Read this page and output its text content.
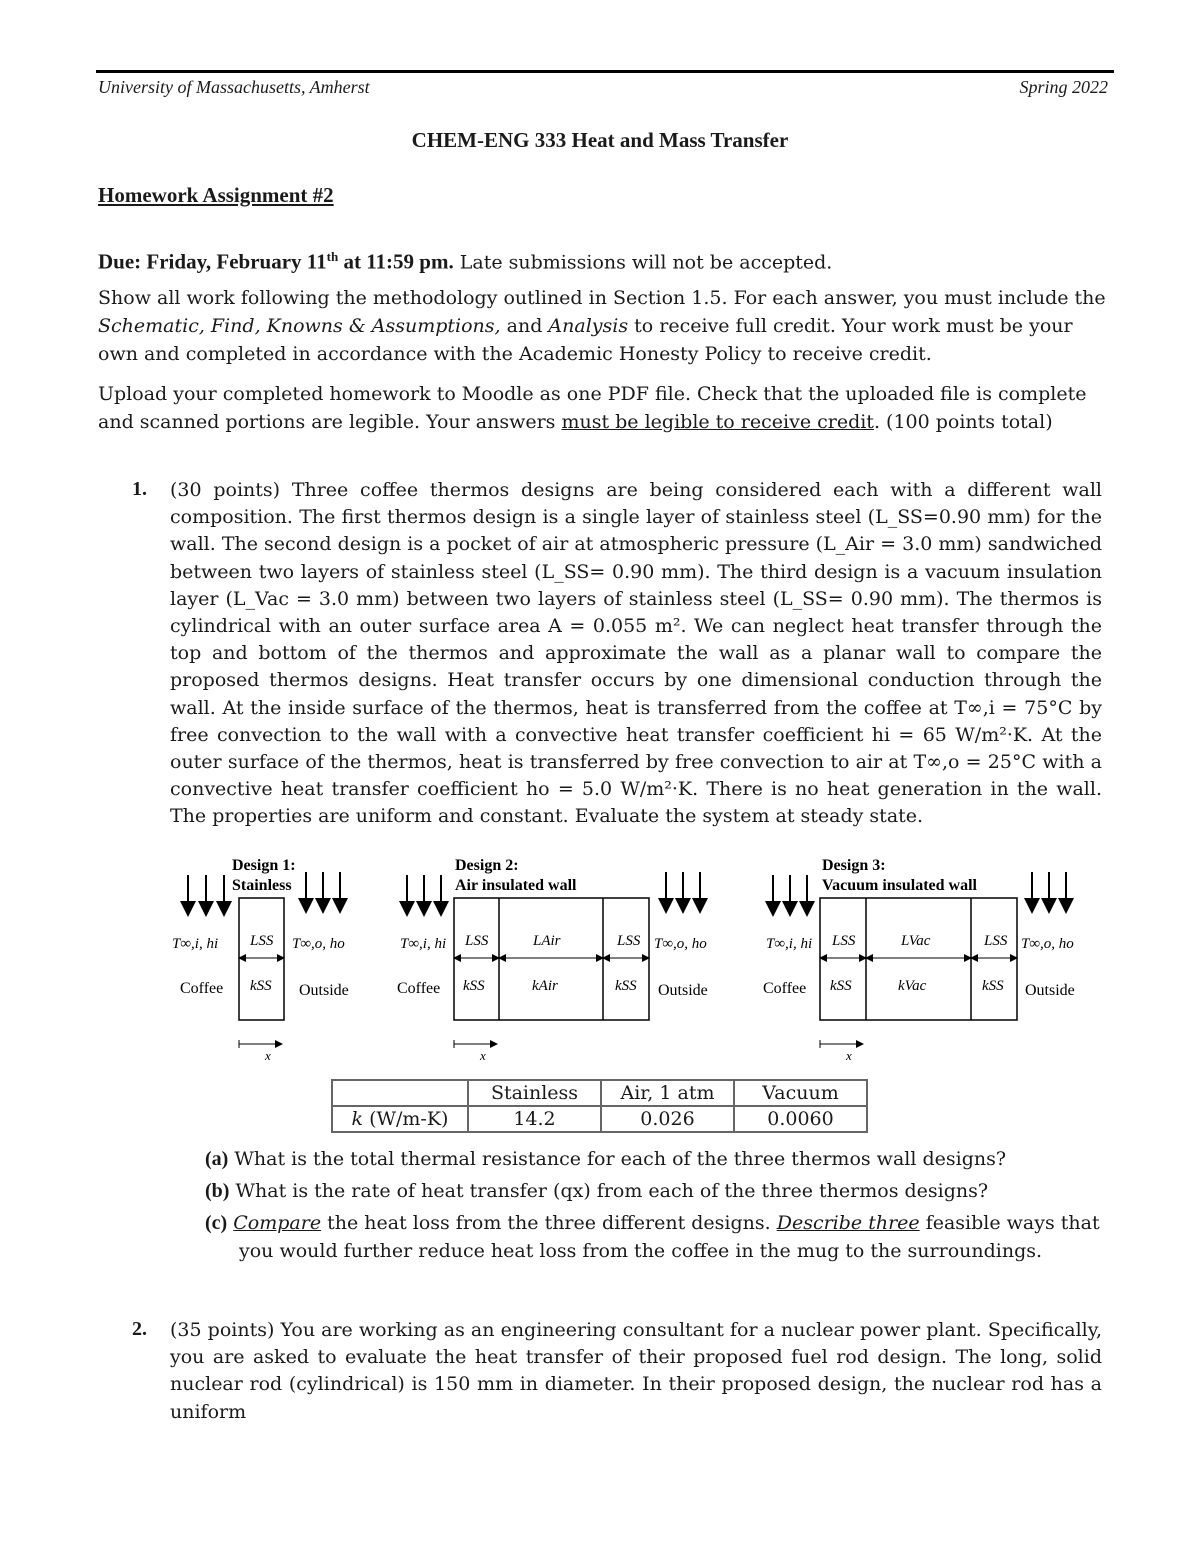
University of Massachusetts, Amherst	Spring 2022
CHEM-ENG 333 Heat and Mass Transfer
Homework Assignment #2
Due: Friday, February 11th at 11:59 pm. Late submissions will not be accepted.
Show all work following the methodology outlined in Section 1.5. For each answer, you must include the Schematic, Find, Knowns & Assumptions, and Analysis to receive full credit. Your work must be your own and completed in accordance with the Academic Honesty Policy to receive credit.
Upload your completed homework to Moodle as one PDF file. Check that the uploaded file is complete and scanned portions are legible. Your answers must be legible to receive credit. (100 points total)
1. (30 points) Three coffee thermos designs are being considered each with a different wall composition. The first thermos design is a single layer of stainless steel (L_SS=0.90 mm) for the wall. The second design is a pocket of air at atmospheric pressure (L_Air = 3.0 mm) sandwiched between two layers of stainless steel (L_SS= 0.90 mm). The third design is a vacuum insulation layer (L_Vac = 3.0 mm) between two layers of stainless steel (L_SS= 0.90 mm). The thermos is cylindrical with an outer surface area A = 0.055 m². We can neglect heat transfer through the top and bottom of the thermos and approximate the wall as a planar wall to compare the proposed thermos designs. Heat transfer occurs by one dimensional conduction through the wall. At the inside surface of the thermos, heat is transferred from the coffee at T∞,i = 75°C by free convection to the wall with a convective heat transfer coefficient hi = 65 W/m²·K. At the outer surface of the thermos, heat is transferred by free convection to air at T∞,o = 25°C with a convective heat transfer coefficient ho = 5.0 W/m²·K. There is no heat generation in the wall. The properties are uniform and constant. Evaluate the system at steady state.
Design 1:
Stainless
T∞,i, hi	T∞,o, ho
LSS
kSS
Coffee	Outside
x
Design 2:
Air insulated wall
T∞,i, hi	T∞,o, ho
LSS	LAir	LSS
kSS	kAir	kSS
Coffee	Outside
x
Design 3:
Vacuum insulated wall
T∞,i, hi	T∞,o, ho
LSS	LVac	LSS
kSS	kVac	kSS
Coffee	Outside
x
	Stainless	Air, 1 atm	Vacuum
k (W/m-K)	14.2	0.026	0.0060
(a) What is the total thermal resistance for each of the three thermos wall designs?
(b) What is the rate of heat transfer (qx) from each of the three thermos designs?
(c) Compare the heat loss from the three different designs. Describe three feasible ways that you would further reduce heat loss from the coffee in the mug to the surroundings.
2. (35 points) You are working as an engineering consultant for a nuclear power plant. Specifically, you are asked to evaluate the heat transfer of their proposed fuel rod design. The long, solid nuclear rod (cylindrical) is 150 mm in diameter. In their proposed design, the nuclear rod has a uniform
